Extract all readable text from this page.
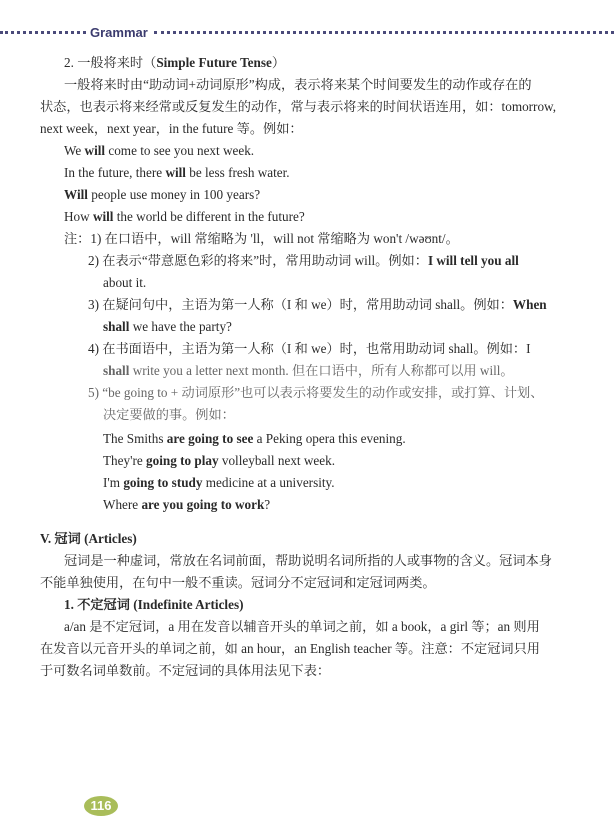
Grammar
2. 一般将来时（Simple Future Tense）
一般将来时由“助动词+动词原形”构成，表示将来某个时间要发生的动作或存在的
状态，也表示将来经常或反复发生的动作，常与表示将来的时间状语连用，如：tomorrow,
next week，next year，in the future 等。例如：
We will come to see you next week.
In the future, there will be less fresh water.
Will people use money in 100 years?
How will the world be different in the future?
注：1) 在口语中，will 常缩略为 'll，will not 常缩略为 won't /wəʊnt/。
2) 在表示“带意愿色彩的将来”时，常用助动词 will。例如：I will tell you all
about it.
3) 在疑问句中，主语为第一人称（I 和 we）时，常用助动词 shall。例如：When
shall we have the party?
4) 在书面语中，主语为第一人称（I 和 we）时，也常用助动词 shall。例如：I
shall write you a letter next month. 但在口语中，所有人称都可以用 will。
5) “be going to + 动词原形”也可以表示将要发生的动作或安排，或打算、计划、
决定要做的事。例如：
The Smiths are going to see a Peking opera this evening.
They're going to play volleyball next week.
I'm going to study medicine at a university.
Where are you going to work?
V. 冠词 (Articles)
冠词是一种虚词，常放在名词前面，帮助说明名词所指的人或事物的含义。冠词本身
不能单独使用，在句中一般不重读。冠词分不定冠词和定冠词两类。
1. 不定冠词 (Indefinite Articles)
a/an 是不定冠词，a 用在发音以辅音开头的单词之前，如 a book，a girl 等；an 则用
在发音以元音开头的单词之前，如 an hour，an English teacher 等。注意：不定冠词只用
于可数名词单数前。不定冠词的具体用法见下表：
116
